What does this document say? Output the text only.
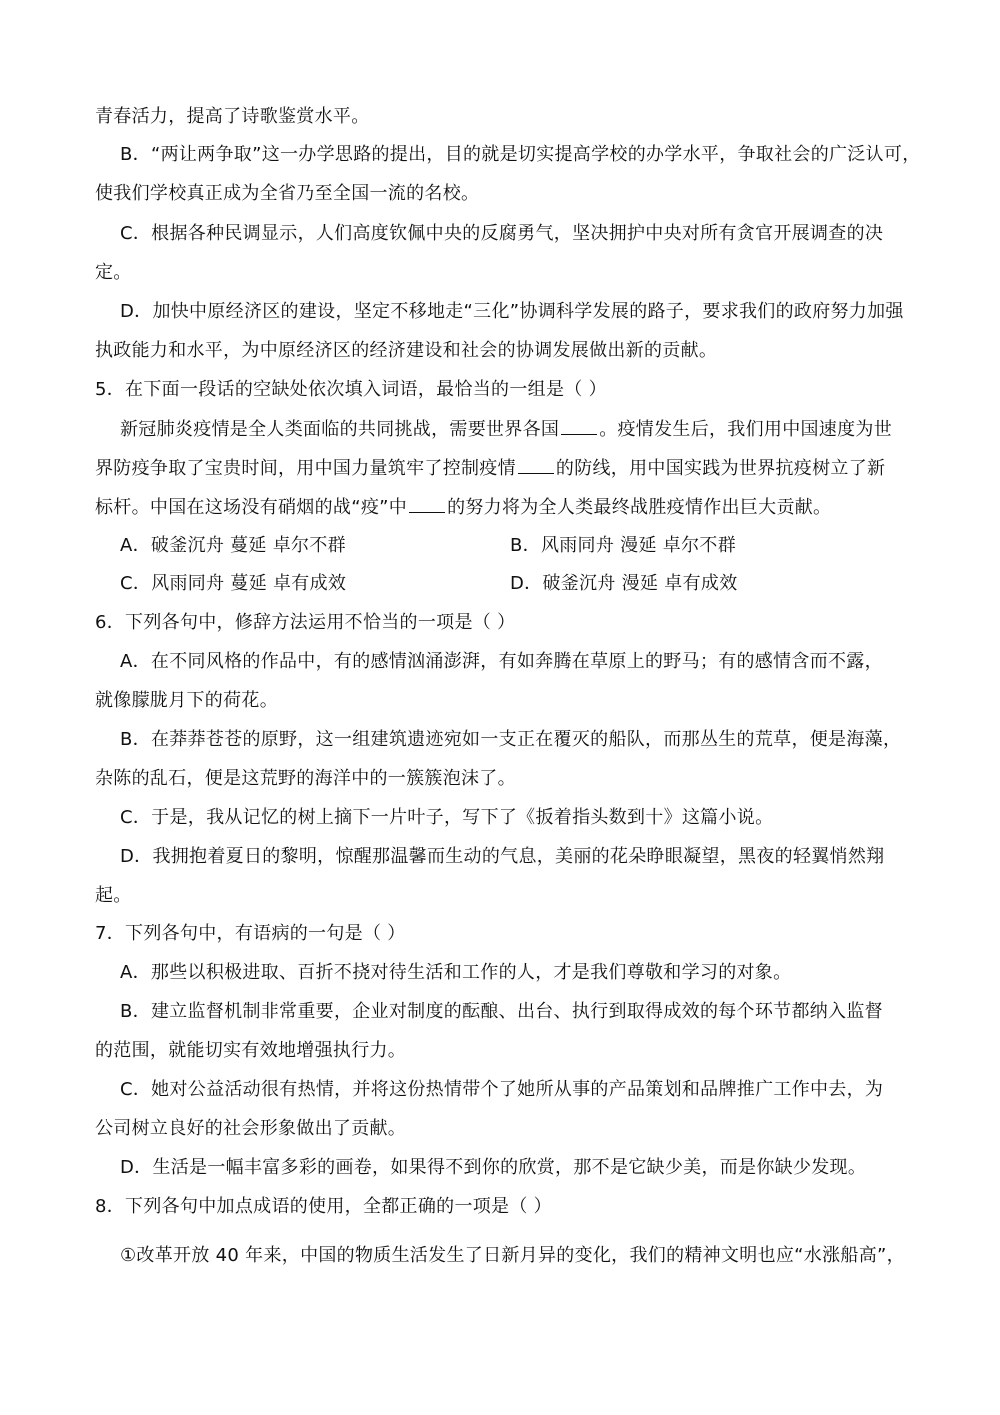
青春活力，提高了诗歌鉴赏水平。
B．“两让两争取”这一办学思路的提出，目的就是切实提高学校的办学水平，争取社会的广泛认可，
使我们学校真正成为全省乃至全国一流的名校。
C．根据各种民调显示，人们高度钦佩中央的反腐勇气，坚决拥护中央对所有贪官开展调查的决
定。
D．加快中原经济区的建设，坚定不移地走“三化”协调科学发展的路子，要求我们的政府努力加强
执政能力和水平，为中原经济区的经济建设和社会的协调发展做出新的贡献。
5．在下面一段话的空缺处依次填入词语，最恰当的一组是（ ）
新冠肺炎疫情是全人类面临的共同挑战，需要世界各国 。疫情发生后，我们用中国速度为世
界防疫争取了宝贵时间，用中国力量筑牢了控制疫情 的防线，用中国实践为世界抗疫树立了新
标杆。中国在这场没有硝烟的战“疫”中 的努力将为全人类最终战胜疫情作出巨大贡献。
A．破釜沉舟 蔓延 卓尔不群	B．风雨同舟 漫延 卓尔不群
C．风雨同舟 蔓延 卓有成效	D．破釜沉舟 漫延 卓有成效
6．下列各句中，修辞方法运用不恰当的一项是（ ）
A．在不同风格的作品中，有的感情汹涌澎湃，有如奔腾在草原上的野马；有的感情含而不露，
就像朦胧月下的荷花。
B．在莽莽苍苍的原野，这一组建筑遗迹宛如一支正在覆灭的船队，而那丛生的荒草，便是海藻，
杂陈的乱石，便是这荒野的海洋中的一簇簇泡沫了。
C．于是，我从记忆的树上摘下一片叶子，写下了《扳着指头数到十》这篇小说。
D．我拥抱着夏日的黎明，惊醒那温馨而生动的气息，美丽的花朵睁眼凝望，黑夜的轻翼悄然翔
起。
7．下列各句中，有语病的一句是（ ）
A．那些以积极进取、百折不挠对待生活和工作的人，才是我们尊敬和学习的对象。
B．建立监督机制非常重要，企业对制度的酝酿、出台、执行到取得成效的每个环节都纳入监督
的范围，就能切实有效地增强执行力。
C．她对公益活动很有热情，并将这份热情带个了她所从事的产品策划和品牌推广工作中去，为
公司树立良好的社会形象做出了贡献。
D．生活是一幅丰富多彩的画卷，如果得不到你的欣赏，那不是它缺少美，而是你缺少发现。
8．下列各句中加点成语的使用，全都正确的一项是（ ）
①改革开放 40 年来，中国的物质生活发生了日新月异的变化，我们的精神文明也应“水涨船高”，
